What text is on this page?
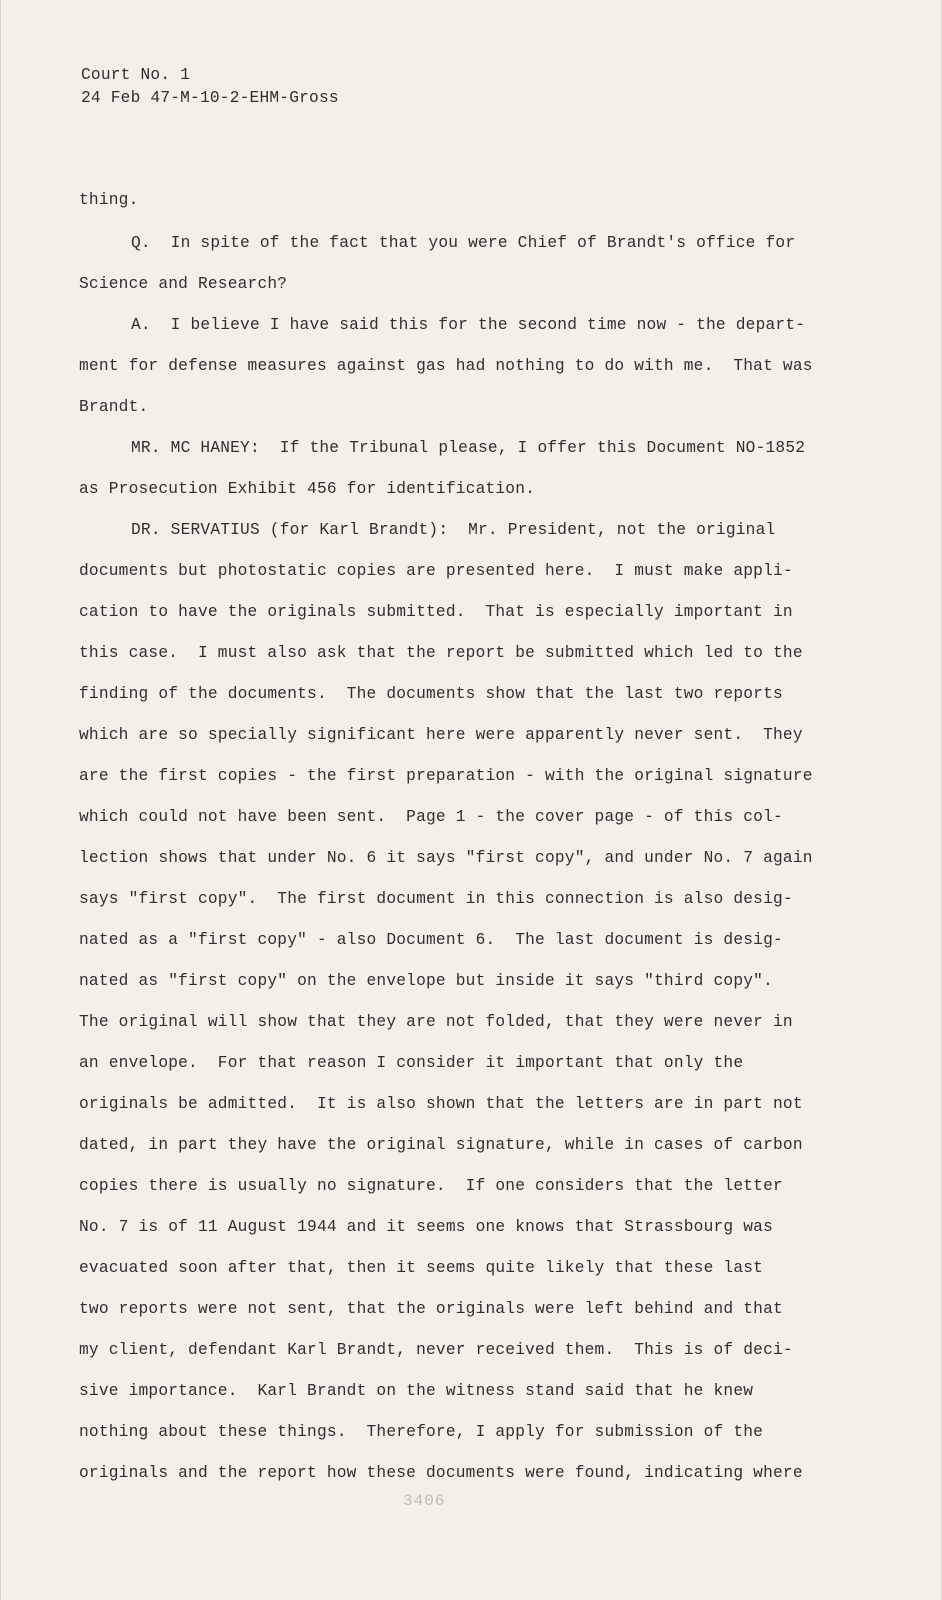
Court No. 1
24 Feb 47-M-10-2-EHM-Gross
thing.
Q.  In spite of the fact that you were Chief of Brandt's office for
Science and Research?
A.  I believe I have said this for the second time now - the depart-
ment for defense measures against gas had nothing to do with me.  That was
Brandt.
MR. MC HANEY:  If the Tribunal please, I offer this Document NO-1852
as Prosecution Exhibit 456 for identification.
DR. SERVATIUS (for Karl Brandt):  Mr. President, not the original
documents but photostatic copies are presented here.  I must make appli-
cation to have the originals submitted.  That is especially important in
this case.  I must also ask that the report be submitted which led to the
finding of the documents.  The documents show that the last two reports
which are so specially significant here were apparently never sent.  They
are the first copies - the first preparation - with the original signature
which could not have been sent.  Page 1 - the cover page - of this col-
lection shows that under No. 6 it says "first copy", and under No. 7 again
says "first copy".  The first document in this connection is also desig-
nated as a "first copy" - also Document 6.  The last document is desig-
nated as "first copy" on the envelope but inside it says "third copy".
The original will show that they are not folded, that they were never in
an envelope.  For that reason I consider it important that only the
originals be admitted.  It is also shown that the letters are in part not
dated, in part they have the original signature, while in cases of carbon
copies there is usually no signature.  If one considers that the letter
No. 7 is of 11 August 1944 and it seems one knows that Strassbourg was
evacuated soon after that, then it seems quite likely that these last
two reports were not sent, that the originals were left behind and that
my client, defendant Karl Brandt, never received them.  This is of deci-
sive importance.  Karl Brandt on the witness stand said that he knew
nothing about these things.  Therefore, I apply for submission of the
originals and the report how these documents were found, indicating where
3406
